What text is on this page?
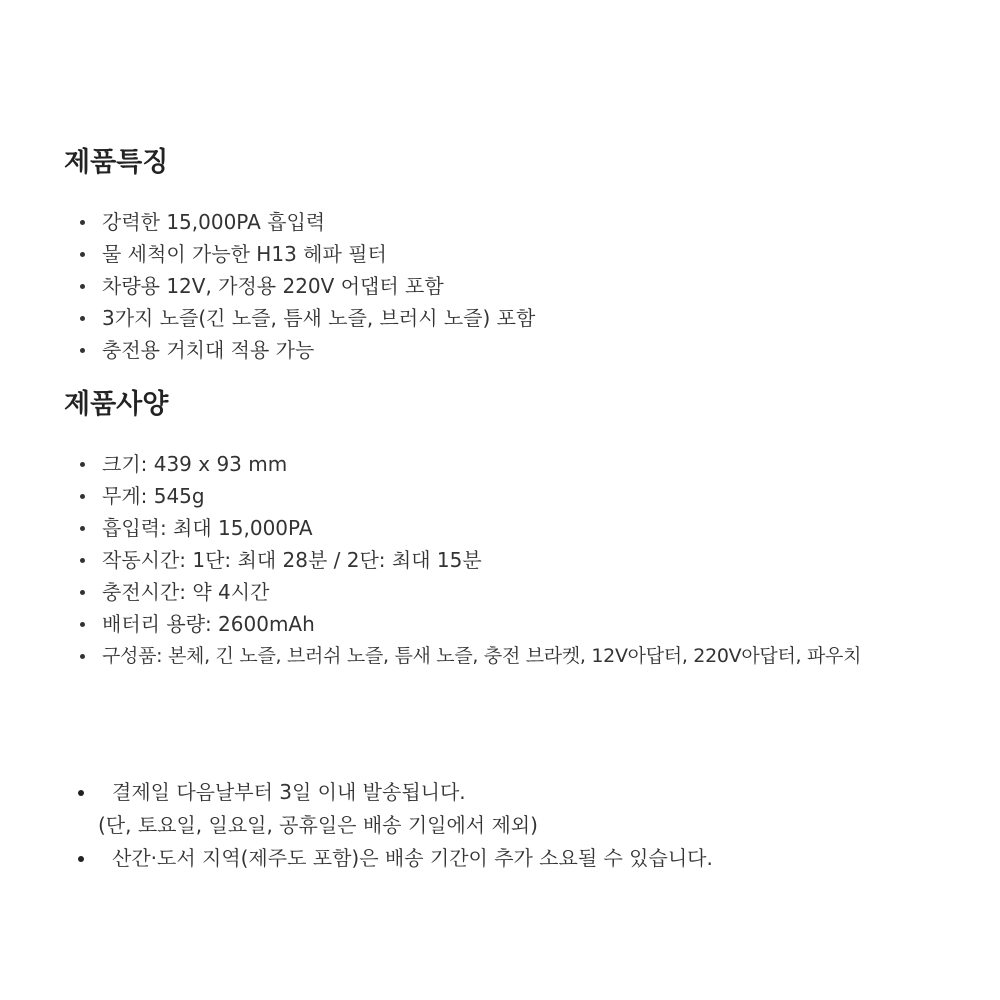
제품특징
강력한 15,000PA 흡입력
물 세척이 가능한 H13 헤파 필터
차량용 12V, 가정용 220V 어댑터 포함
3가지 노즐(긴 노즐, 틈새 노즐, 브러시 노즐) 포함
충전용 거치대 적용 가능
제품사양
크기: 439 x 93 mm
무게: 545g
흡입력: 최대 15,000PA
작동시간: 1단: 최대 28분 / 2단: 최대 15분
충전시간: 약 4시간
배터리 용량: 2600mAh
구성품: 본체, 긴 노즐, 브러쉬 노즐, 틈새 노즐, 충전 브라켓, 12V아답터, 220V아답터, 파우치
결제일 다음날부터 3일 이내 발송됩니다.
(단, 토요일, 일요일, 공휴일은 배송 기일에서 제외)
산간·도서 지역(제주도 포함)은 배송 기간이 추가 소요될 수 있습니다.
